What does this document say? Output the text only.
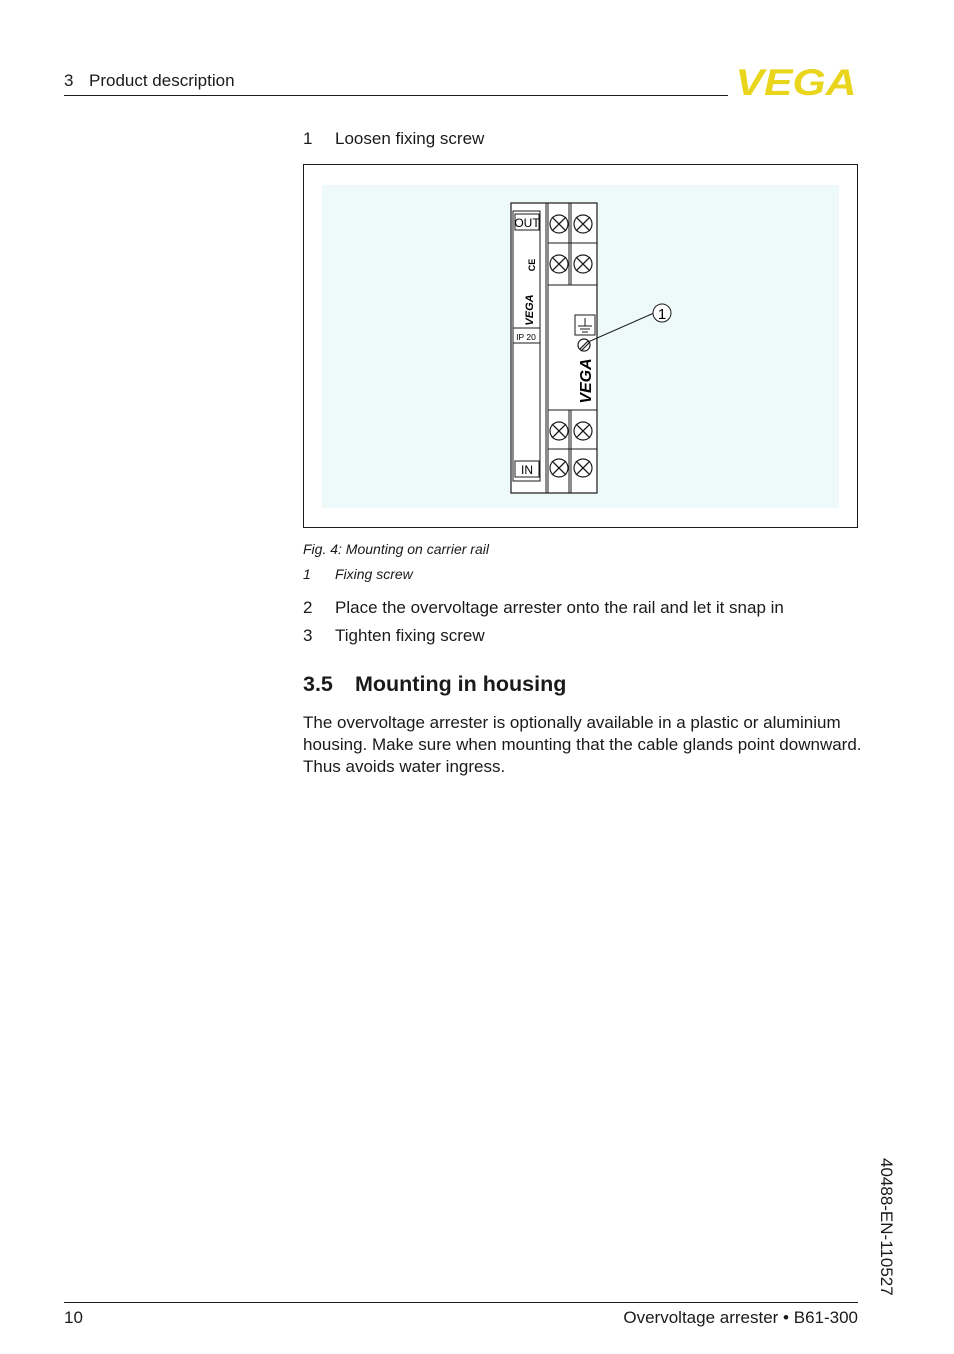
3 Product description	VEGA
1 Loosen fixing screw
OUT
CE
VEGA
IP 20
IN
VEGA
1
Fig. 4: Mounting on carrier rail
1 Fixing screw
2 Place the overvoltage arrester onto the rail and let it snap in
3 Tighten fixing screw
3.5 Mounting in housing
The overvoltage arrester is optionally available in a plastic or aluminium housing. Make sure when mounting that the cable glands point downward. Thus avoids water ingress.
40488-EN-110527
10	Overvoltage arrester • B61-300
